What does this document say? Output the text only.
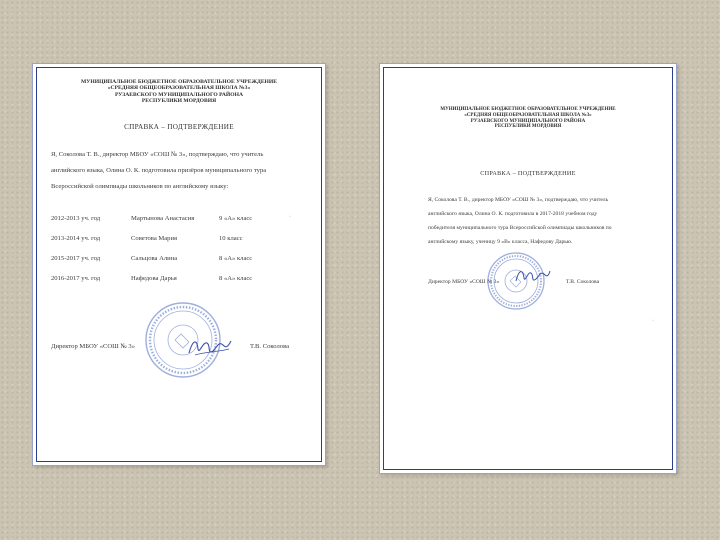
МУНИЦИПАЛЬНОЕ БЮДЖЕТНОЕ ОБРАЗОВАТЕЛЬНОЕ УЧРЕЖДЕНИЕ
«СРЕДНЯЯ ОБЩЕОБРАЗОВАТЕЛЬНАЯ ШКОЛА №3»
РУЗАЕВСКОГО МУНИЦИПАЛЬНОГО РАЙОНА
РЕСПУБЛИКИ МОРДОВИЯ
СПРАВКА – ПОДТВЕРЖДЕНИЕ
Я, Соколова Т. В., директор МБОУ «СОШ № 3», подтверждаю, что учитель
английского языка, Олина О. К. подготовила призёров муниципального тура
Всероссийской олимпиады школьников по английскому языку:
2012-2013 уч. год	Мартынова Анастасия	9 «А» класс
2013-2014 уч. год	Советова Мария	10 класс
2015-2017 уч. год	Сальцова Алина	8 «А» класс
2016-2017 уч. год	Нафедова Дарья	8 «А» класс
Директор МБОУ «СОШ № 3»	Т.В. Соколова
·
МУНИЦИПАЛЬНОЕ БЮДЖЕТНОЕ ОБРАЗОВАТЕЛЬНОЕ УЧРЕЖДЕНИЕ
«СРЕДНЯЯ ОБЩЕОБРАЗОВАТЕЛЬНАЯ ШКОЛА №3»
РУЗАЕВСКОГО МУНИЦИПАЛЬНОГО РАЙОНА
РЕСПУБЛИКИ МОРДОВИЯ
СПРАВКА – ПОДТВЕРЖДЕНИЕ
Я, Соколова Т. В., директор МБОУ «СОШ № 3», подтверждаю, что учитель
английского языка, Олина О. К. подготовила в 2017-2018 учебном году
победителя муниципального тура Всероссийской олимпиады школьников по
английскому языку, ученицу 9 «В» класса, Нафедову Дарью.
Директор МБОУ «СОШ № 3»	Т.В. Соколова
·
